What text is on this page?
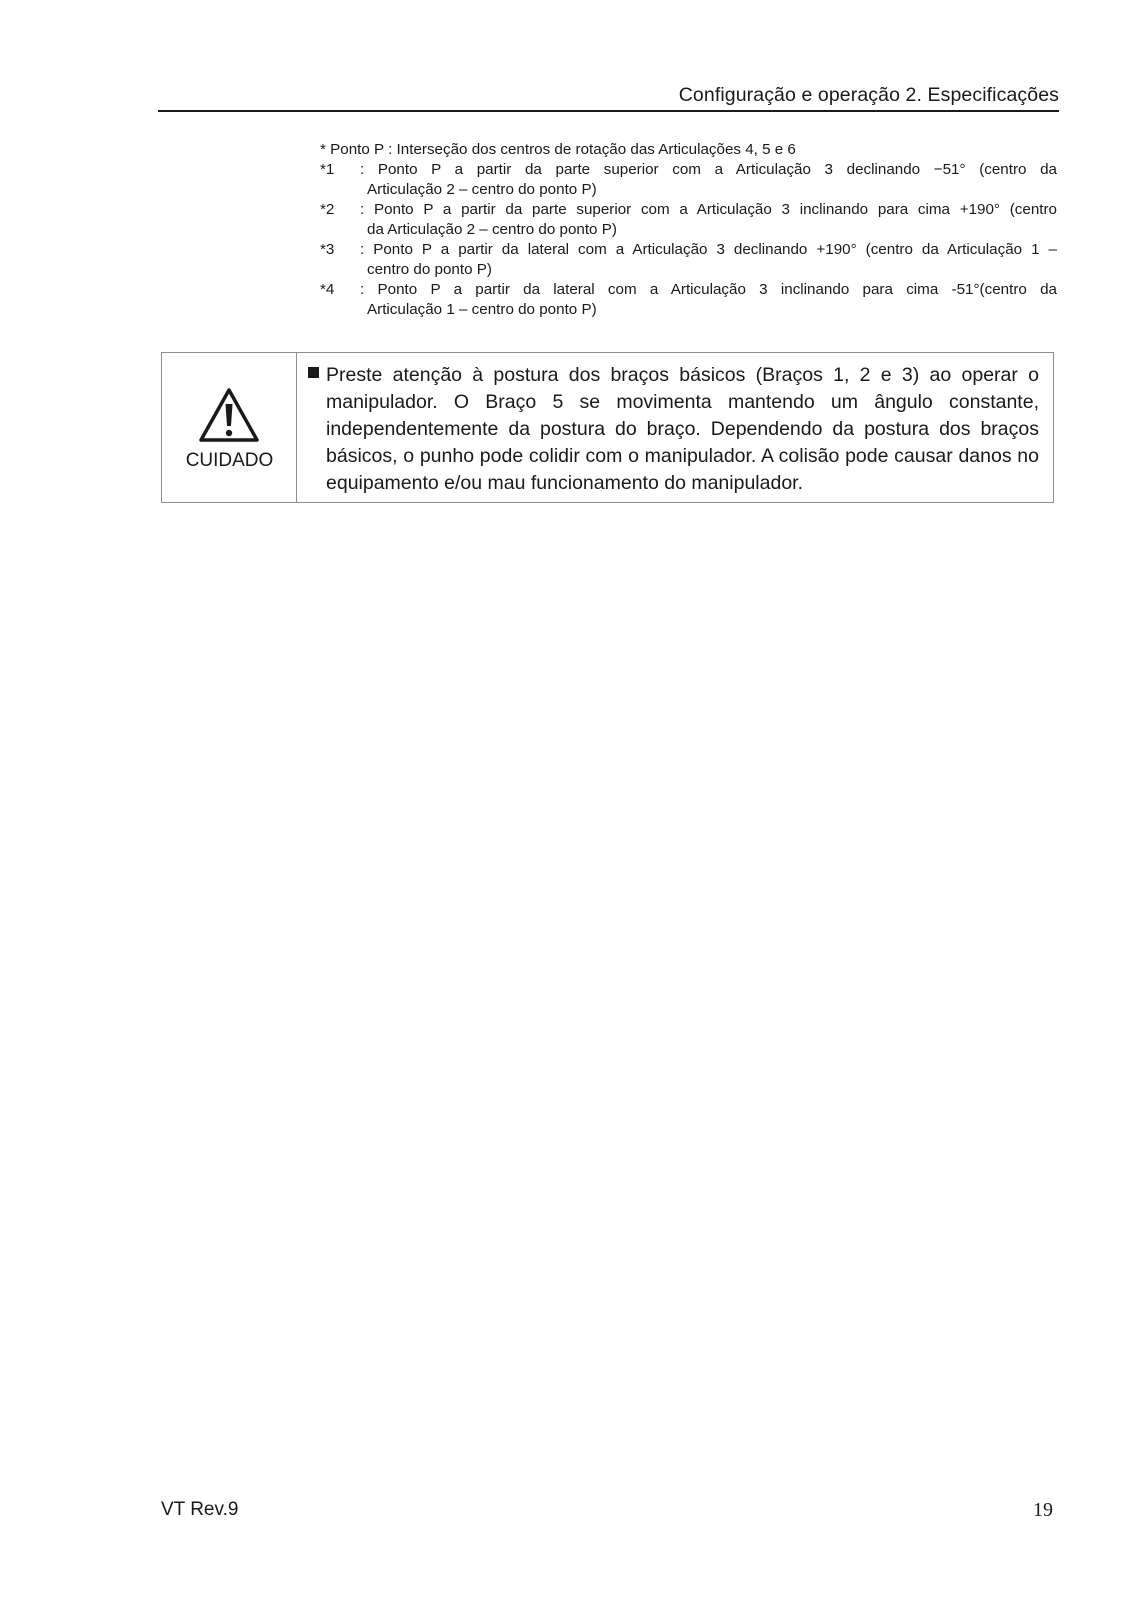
Configuração e operação 2. Especificações
* Ponto P : Interseção dos centros de rotação das Articulações 4, 5 e 6
*1 : Ponto P a partir da parte superior com a Articulação 3 declinando −51° (centro da
Articulação 2 – centro do ponto P)
*2 : Ponto P a partir da parte superior com a Articulação 3 inclinando para cima +190° (centro
da Articulação 2 – centro do ponto P)
*3 : Ponto P a partir da lateral com a Articulação 3 declinando +190° (centro da Articulação 1 –
centro do ponto P)
*4 : Ponto P a partir da lateral com a Articulação 3 inclinando para cima -51°(centro da
Articulação 1 – centro do ponto P)
CUIDADO
Preste atenção à postura dos braços básicos (Braços 1, 2 e 3) ao operar o manipulador. O Braço 5 se movimenta mantendo um ângulo constante, independentemente da postura do braço. Dependendo da postura dos braços básicos, o punho pode colidir com o manipulador. A colisão pode causar danos no equipamento e/ou mau funcionamento do manipulador.
VT Rev.9	19
